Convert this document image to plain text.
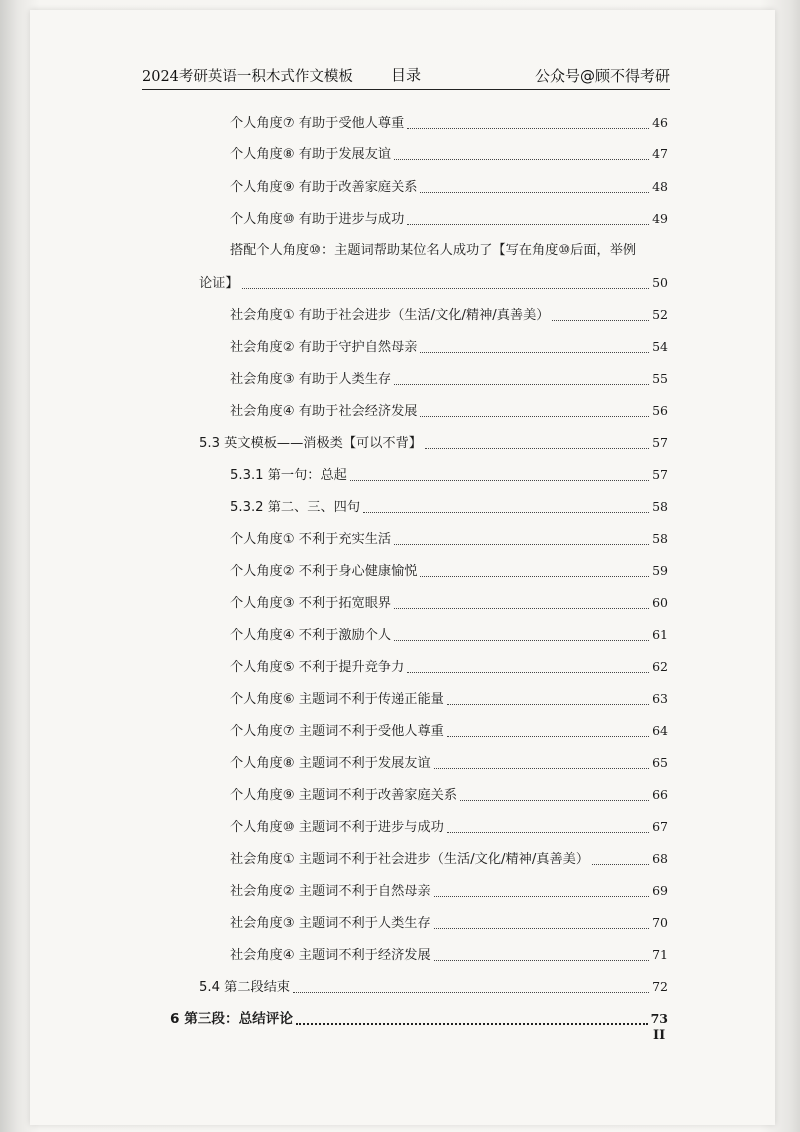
2024考研英语一积木式作文模板	目录	公众号@顾不得考研
个人角度⑦ 有助于受他人尊重	46
个人角度⑧ 有助于发展友谊	47
个人角度⑨ 有助于改善家庭关系	48
个人角度⑩ 有助于进步与成功	49
搭配个人角度⑩：主题词帮助某位名人成功了【写在角度⑩后面，举例
论证】	50
社会角度① 有助于社会进步（生活/文化/精神/真善美）	52
社会角度② 有助于守护自然母亲	54
社会角度③ 有助于人类生存	55
社会角度④ 有助于社会经济发展	56
5.3 英文模板——消极类【可以不背】	57
5.3.1 第一句：总起	57
5.3.2 第二、三、四句	58
个人角度① 不利于充实生活	58
个人角度② 不利于身心健康愉悦	59
个人角度③ 不利于拓宽眼界	60
个人角度④ 不利于激励个人	61
个人角度⑤ 不利于提升竞争力	62
个人角度⑥ 主题词不利于传递正能量	63
个人角度⑦ 主题词不利于受他人尊重	64
个人角度⑧ 主题词不利于发展友谊	65
个人角度⑨ 主题词不利于改善家庭关系	66
个人角度⑩ 主题词不利于进步与成功	67
社会角度① 主题词不利于社会进步（生活/文化/精神/真善美）	68
社会角度② 主题词不利于自然母亲	69
社会角度③ 主题词不利于人类生存	70
社会角度④ 主题词不利于经济发展	71
5.4 第二段结束	72
6 第三段：总结评论	73
II
